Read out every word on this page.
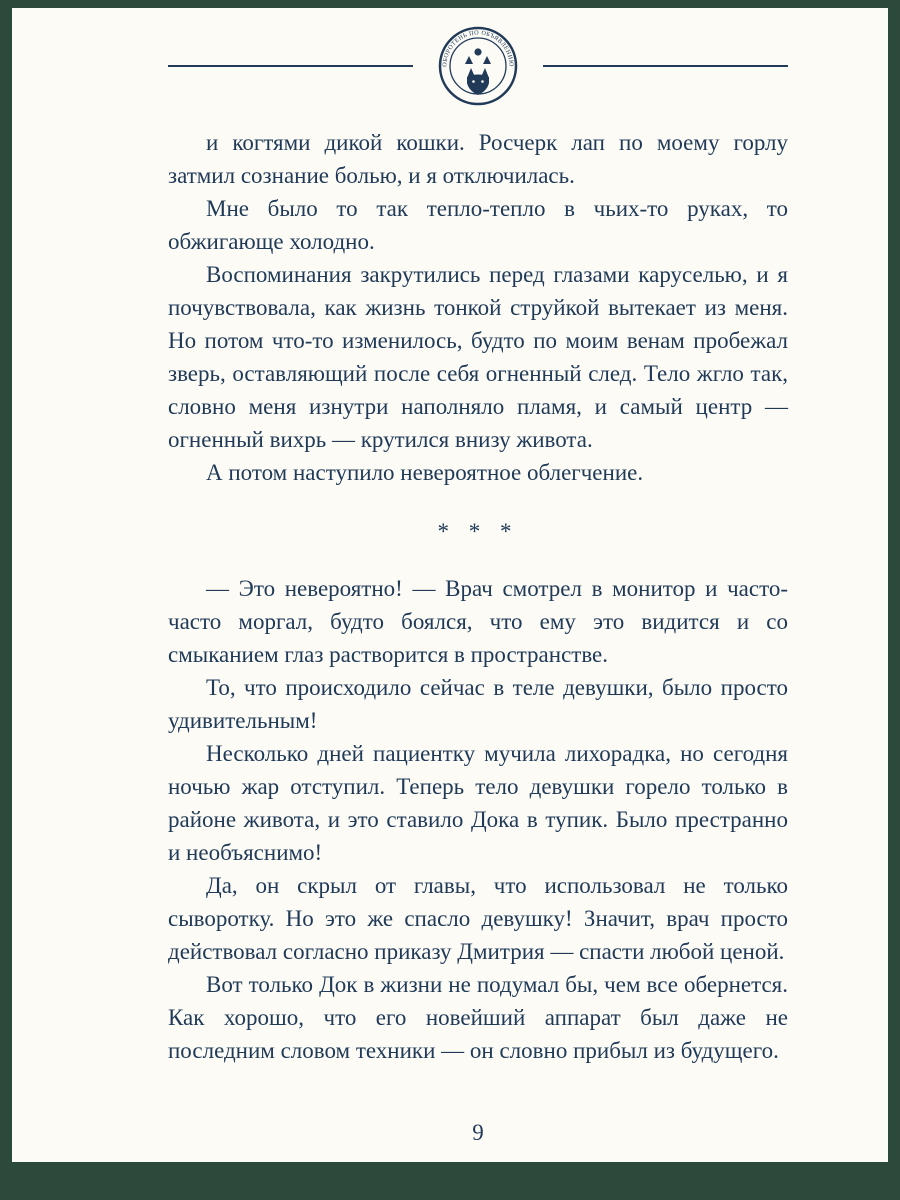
ОБОРОТЕНЬ ПО ОБЪЯВЛЕНИЮ

и когтями дикой кошки. Росчерк лап по моему горлу затмил сознание болью, и я отключилась.

Мне было то так тепло-тепло в чьих-то руках, то обжигающе холодно.

Воспоминания закрутились перед глазами каруселью, и я почувствовала, как жизнь тонкой струйкой вытекает из меня. Но потом что-то изменилось, будто по моим венам пробежал зверь, оставляющий после себя огненный след. Тело жгло так, словно меня изнутри наполняло пламя, и самый центр — огненный вихрь — крутился внизу живота.

А потом наступило невероятное облегчение.

* * *

— Это невероятно! — Врач смотрел в монитор и часто-часто моргал, будто боялся, что ему это видится и со смыканием глаз растворится в пространстве.

То, что происходило сейчас в теле девушки, было просто удивительным!

Несколько дней пациентку мучила лихорадка, но сегодня ночью жар отступил. Теперь тело девушки горело только в районе живота, и это ставило Дока в тупик. Было престранно и необъяснимо!

Да, он скрыл от главы, что использовал не только сыворотку. Но это же спасло девушку! Значит, врач просто действовал согласно приказу Дмитрия — спасти любой ценой.

Вот только Док в жизни не подумал бы, чем все обернется. Как хорошо, что его новейший аппарат был даже не последним словом техники — он словно прибыл из будущего.

9
